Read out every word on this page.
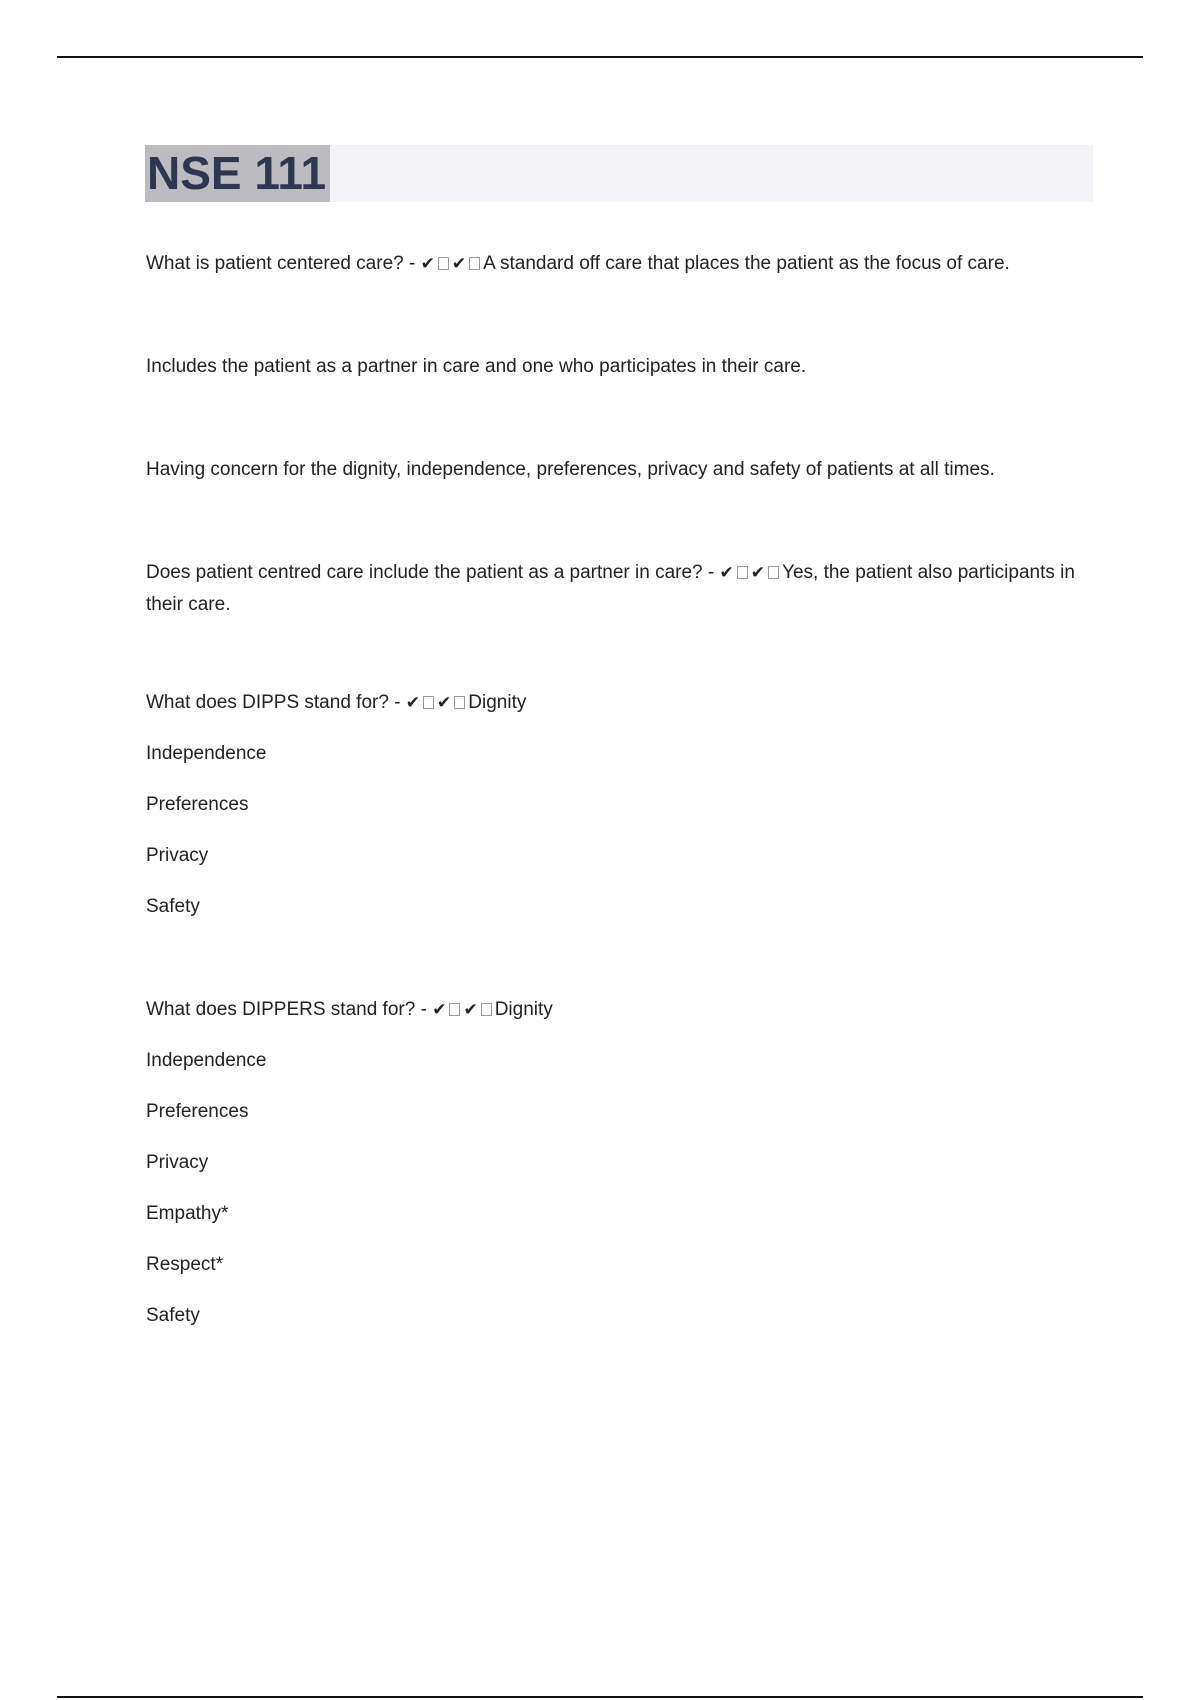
NSE 111

What is patient centered care? - ✔ ✔ A standard off care that places the patient as the focus of care.

Includes the patient as a partner in care and one who participates in their care.

Having concern for the dignity, independence, preferences, privacy and safety of patients at all times.

Does patient centred care include the patient as a partner in care? - ✔ ✔ Yes, the patient also participants in their care.

What does DIPPS stand for? - ✔ ✔ Dignity

Independence

Preferences

Privacy

Safety

What does DIPPERS stand for? - ✔ ✔ Dignity

Independence

Preferences

Privacy

Empathy*

Respect*

Safety
